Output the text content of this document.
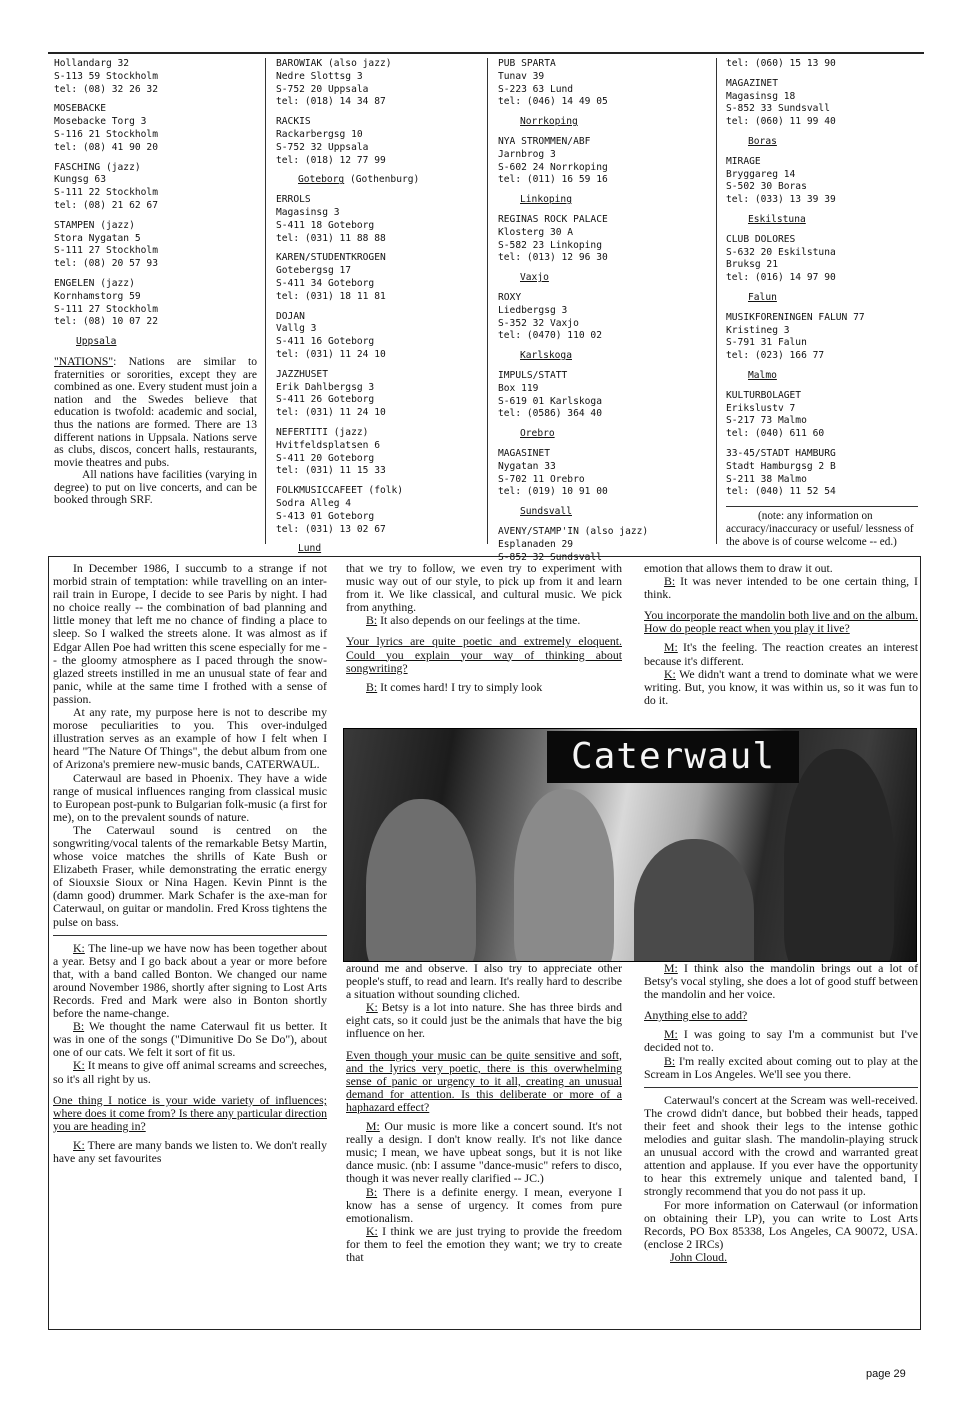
Hollandarg 32
S-113 59 Stockholm
tel: (08) 32 26 32
MOSEBACKE
Mosebacke Torg 3
S-116 21 Stockholm
tel: (08) 41 90 20
FASCHING (jazz)
Kungsg 63
S-111 22 Stockholm
tel: (08) 21 62 67
STAMPEN (jazz)
Stora Nygatan 5
S-111 27 Stockholm
tel: (08) 20 57 93
ENGELEN (jazz)
Kornhamstorg 59
S-111 27 Stockholm
tel: (08) 10 07 22
Uppsala
"NATIONS": Nations are similar to fraternities or sororities, except they are combined as one. Every student must join a nation and the Swedes believe that education is twofold: academic and social, thus the nations are formed. There are 13 different nations in Uppsala. Nations serve as clubs, discos, concert halls, restaurants, movie theatres and pubs.
All nations have facilities (varying in degree) to put on live concerts, and can be booked through SRF.
BAROWIAK (also jazz)
Nedre Slottsg 3
S-752 20 Uppsala
tel: (018) 14 34 87
RACKIS
Rackarbergsg 10
S-752 32 Uppsala
tel: (018) 12 77 99
Goteborg (Gothenburg)
ERROLS
Magasinsg 3
S-411 18 Goteborg
tel: (031) 11 88 88
KAREN/STUDENTKROGEN
Gotebergsg 17
S-411 34 Goteborg
tel: (031) 18 11 81
DOJAN
Vallg 3
S-411 16 Goteborg
tel: (031) 11 24 10
JAZZHUSET
Erik Dahlbergsg 3
S-411 26 Goteborg
tel: (031) 11 24 10
NEFERTITI (jazz)
Hvitfeldsplatsen 6
S-411 20 Goteborg
tel: (031) 11 15 33
FOLKMUSICCAFEET (folk)
Sodra Alleg 4
S-413 01 Goteborg
tel: (031) 13 02 67
Lund
PUB SPARTA
Tunav 39
S-223 63 Lund
tel: (046) 14 49 05
Norrkoping
NYA STROMMEN/ABF
Jarnbrog 3
S-602 24 Norrkoping
tel: (011) 16 59 16
Linkoping
REGINAS ROCK PALACE
Klosterg 30 A
S-582 23 Linkoping
tel: (013) 12 96 30
Vaxjo
ROXY
Liedbergsg 3
S-352 32 Vaxjo
tel: (0470) 110 02
Karlskoga
IMPULS/STATT
Box 119
S-619 01 Karlskoga
tel: (0586) 364 40
Orebro
MAGASINET
Nygatan 33
S-702 11 Orebro
tel: (019) 10 91 00
Sundsvall
AVENY/STAMP'IN (also jazz)
Esplanaden 29
S-852 32 Sundsvall
tel: (060) 15 13 90
MAGAZINET
Magasinsg 18
S-852 33 Sundsvall
tel: (060) 11 99 40
Boras
MIRAGE
Bryggareg 14
S-502 30 Boras
tel: (033) 13 39 39
Eskilstuna
CLUB DOLORES
S-632 20 Eskilstuna
Bruksg 21
tel: (016) 14 97 90
Falun
MUSIKFORENINGEN FALUN 77
Kristineg 3
S-791 31 Falun
tel: (023) 166 77
Malmo
KULTURBOLAGET
Erikslustv 7
S-217 73 Malmo
tel: (040) 611 60
33-45/STADT HAMBURG
Stadt Hamburgsg 2 B
S-211 38 Malmo
tel: (040) 11 52 54
(note: any information on accuracy/inaccuracy or useful/ lessness of the above is of course welcome -- ed.)

In December 1986, I succumb to a strange if not morbid strain of temptation: while travelling on an inter-rail train in Europe, I decide to see Paris by night. I had no choice really -- the combination of bad planning and little money that left me no chance of finding a place to sleep. So I walked the streets alone. It was almost as if Edgar Allen Poe had written this scene especially for me -- the gloomy atmosphere as I paced through the snow-glazed streets instilled in me an unusual state of fear and panic, while at the same time I frothed with a sense of passion.

At any rate, my purpose here is not to describe my morose peculiarities to you. This over-indulged illustration serves as an example of how I felt when I heard "The Nature Of Things", the debut album from one of Arizona's premiere new-music bands, CATERWAUL.

Caterwaul are based in Phoenix. They have a wide range of musical influences ranging from classical music to European post-punk to Bulgarian folk-music (a first for me), on to the prevalent sounds of nature.

The Caterwaul sound is centred on the songwriting/vocal talents of the remarkable Betsy Martin, whose voice matches the shrills of Kate Bush or Elizabeth Fraser, while demonstrating the erratic energy of Siouxsie Sioux or Nina Hagen. Kevin Pinnt is the (damn good) drummer. Mark Schafer is the axe-man for Caterwaul, on guitar or mandolin. Fred Kross tightens the pulse on bass.

K: The line-up we have now has been together about a year. Betsy and I go back about a year or more before that, with a band called Bonton. We changed our name around November 1986, shortly after signing to Lost Arts Records. Fred and Mark were also in Bonton shortly before the name-change.

B: We thought the name Caterwaul fit us better. It was in one of the songs ("Dimunitive Do Se Do"), about one of our cats. We felt it sort of fit us.

K: It means to give off animal screams and screeches, so it's all right by us.

One thing I notice is your wide variety of influences; where does it come from? Is there any particular direction you are heading in?

K: There are many bands we listen to. We don't really have any set favourites

that we try to follow, we even try to experiment with music way out of our style, to pick up from it and learn from it. We like classical, and cultural music. We pick from anything.

B: It also depends on our feelings at the time.

Your lyrics are quite poetic and extremely eloquent. Could you explain your way of thinking about songwriting?

B: It comes hard! I try to simply look

emotion that allows them to draw it out.

B: It was never intended to be one certain thing, I think.

You incorporate the mandolin both live and on the album. How do people react when you play it live?

M: It's the feeling. The reaction creates an interest because it's different.

K: We didn't want a trend to dominate what we were writing. But, you know, it was within us, so it was fun to do it.

Caterwaul

around me and observe. I also try to appreciate other people's stuff, to read and learn. It's really hard to describe a situation without sounding cliched.

K: Betsy is a lot into nature. She has three birds and eight cats, so it could just be the animals that have the big influence on her.

Even though your music can be quite sensitive and soft, and the lyrics very poetic, there is this overwhelming sense of panic or urgency to it all, creating an unusual demand for attention. Is this deliberate or more of a haphazard effect?

M: Our music is more like a concert sound. It's not really a design. I don't know really. It's not like dance music; I mean, we have upbeat songs, but it is not like dance music. (nb: I assume "dance-music" refers to disco, though it was never really clarified -- JC.)

B: There is a definite energy. I mean, everyone I know has a sense of urgency. It comes from pure emotionalism.

K: I think we are just trying to provide the freedom for them to feel the emotion they want; we try to create that

M: I think also the mandolin brings out a lot of Betsy's vocal styling, she does a lot of good stuff between the mandolin and her voice.

Anything else to add?

M: I was going to say I'm a communist but I've decided not to.

B: I'm really excited about coming out to play at the Scream in Los Angeles. We'll see you there.

Caterwaul's concert at the Scream was well-received. The crowd didn't dance, but bobbed their heads, tapped their feet and shook their legs to the intense gothic melodies and guitar slash. The mandolin-playing struck an unusual accord with the crowd and warranted great attention and applause. If you ever have the opportunity to hear this extremely unique and talented band, I strongly recommend that you do not pass it up.

For more information on Caterwaul (or information on obtaining their LP), you can write to Lost Arts Records, PO Box 85338, Los Angeles, CA 90072, USA. (enclose 2 IRCs)

John Cloud.

page 29
